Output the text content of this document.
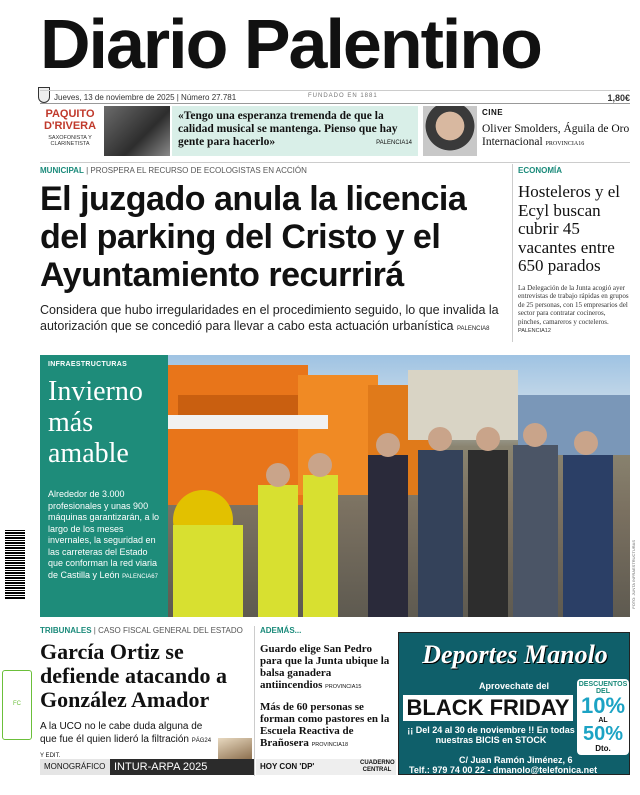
Diario Palentino
Jueves, 13 de noviembre de 2025 | Número 27.781	FUNDADO EN 1881	1,80€
PAQUITO D'RIVERA
SAXOFONISTA Y CLARINETISTA
«Tengo una esperanza tremenda de que la calidad musical se mantenga. Pienso que hay gente para hacerlo»	PALENCIA14
CINE
Oliver Smolders, Águila de Oro Internacional PROVINCIA16
MUNICIPAL | PROSPERA EL RECURSO DE ECOLOGISTAS EN ACCIÓN
El juzgado anula la licencia del parking del Cristo y el Ayuntamiento recurrirá
Considera que hubo irregularidades en el procedimiento seguido, lo que invalida la autorización que se concedió para llevar a cabo esta actuación urbanística PALENCIA8
ECONOMÍA
Hosteleros y el Ecyl buscan cubrir 45 vacantes entre 650 parados
La Delegación de la Junta acogió ayer entrevistas de trabajo rápidas en grupos de 25 personas, con 15 empresarios del sector para contratar cocineros, pinches, camareros y cocteleros. PALENCIA12
INFRAESTRUCTURAS
Invierno más amable
Alrededor de 3.000 profesionales y unas 900 máquinas garantizarán, a lo largo de los meses invernales, la seguridad en las carreteras del Estado que conforman la red viaria de Castilla y León PALENCIA67	FOTO: JUNTA INFRAESTRUCTURAS
FC
TRIBUNALES | CASO FISCAL GENERAL DEL ESTADO
García Ortiz se defiende atacando a González Amador
A la UCO no le cabe duda alguna de que fue él quien lideró la filtración PÁG24 Y EDIT.
MONOGRÁFICO INTUR-ARPA 2025
ADEMÁS...
Guardo elige San Pedro para que la Junta ubique la balsa ganadera antiincendios PROVINCIA15
Más de 60 personas se forman como pastores en la Escuela Reactiva de Brañosera PROVINCIA18
HOY CON 'DP'	CUADERNO CENTRAL
Deportes Manolo
Aprovechate del
BLACK FRIDAY
¡¡ Del 24 al 30 de noviembre !! En todas nuestras BICIS en STOCK
DESCUENTOS DEL
10%
AL
50%
Dto.
C/ Juan Ramón Jiménez, 6
Telf.: 979 74 00 22 - dmanolo@telefonica.net
